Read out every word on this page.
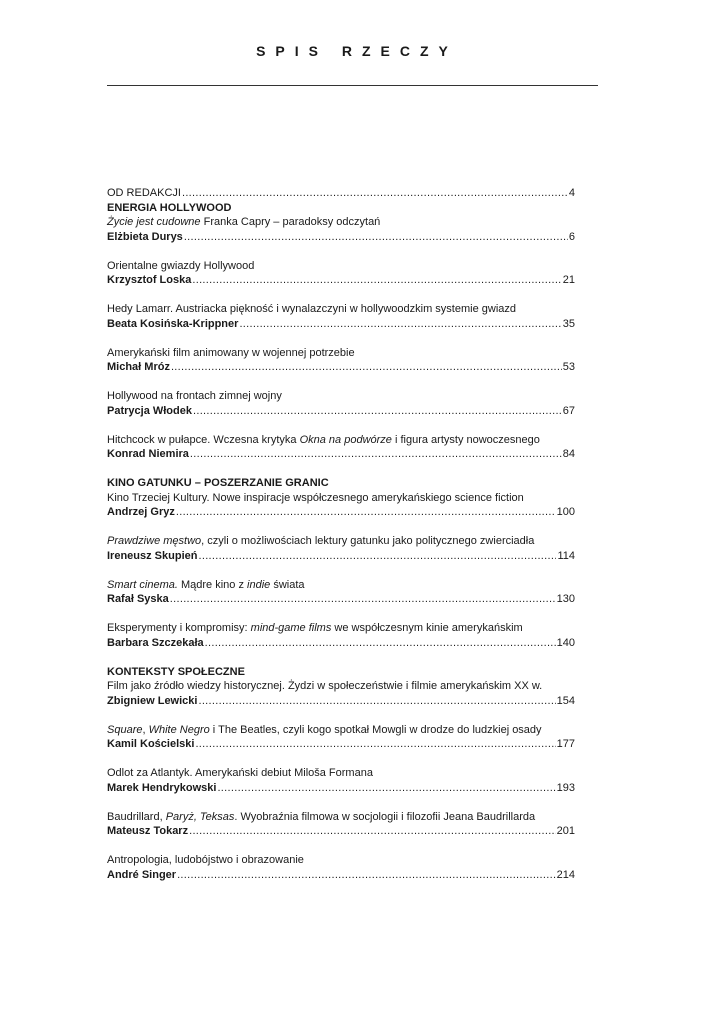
SPIS RZECZY
OD REDAKCJI .....	4
ENERGIA HOLLYWOOD
Życie jest cudowne Franka Capry – paradoksy odczytań
Elżbieta Durys .....	6
Orientalne gwiazdy Hollywood
Krzysztof Loska .....	21
Hedy Lamarr. Austriacka piękność i wynalazczyni w hollywoodzkim systemie gwiazd
Beata Kosińska-Krippner .....	35
Amerykański film animowany w wojennej potrzebie
Michał Mróz .....	53
Hollywood na frontach zimnej wojny
Patrycja Włodek .....	67
Hitchcock w pułapce. Wczesna krytyka Okna na podwórze i figura artysty nowoczesnego
Konrad Niemira .....	84
KINO GATUNKU – POSZERZANIE GRANIC
Kino Trzeciej Kultury. Nowe inspiracje współczesnego amerykańskiego science fiction
Andrzej Gryz .....	100
Prawdziwe męstwo, czyli o możliwościach lektury gatunku jako politycznego zwierciadła
Ireneusz Skupień .....	114
Smart cinema. Mądre kino z indie świata
Rafał Syska .....	130
Eksperymenty i kompromisy: mind-game films we współczesnym kinie amerykańskim
Barbara Szczekała .....	140
KONTEKSTY SPOŁECZNE
Film jako źródło wiedzy historycznej. Żydzi w społeczeństwie i filmie amerykańskim XX w.
Zbigniew Lewicki .....	154
Square, White Negro i The Beatles, czyli kogo spotkał Mowgli w drodze do ludzkiej osady
Kamil Kościelski .....	177
Odlot za Atlantyk. Amerykański debiut Miloša Formana
Marek Hendrykowski .....	193
Baudrillard, Paryż, Teksas. Wyobraźnia filmowa w socjologii i filozofii Jeana Baudrillarda
Mateusz Tokarz .....	201
Antropologia, ludobójstwo i obrazowanie
André Singer .....	214
